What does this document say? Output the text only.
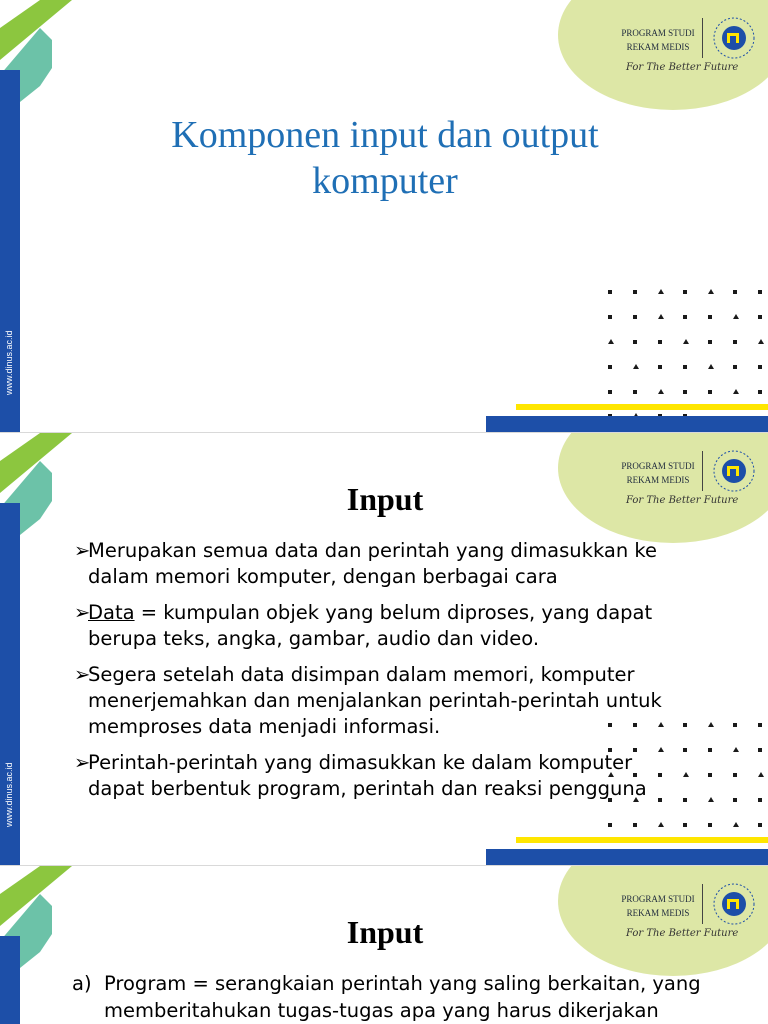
www.dinus.ac.id
PROGRAM STUDI
REKAM MEDIS
For The Better Future
Komponen input dan output
komputer
www.dinus.ac.id
PROGRAM STUDI
REKAM MEDIS
For The Better Future
Input
➢
Merupakan semua data dan perintah yang dimasukkan ke
dalam memori komputer, dengan berbagai cara
➢
Data = kumpulan objek yang belum diproses, yang dapat
berupa teks, angka, gambar, audio dan video.
➢
Segera setelah data disimpan dalam memori, komputer
menerjemahkan dan menjalankan perintah-perintah untuk
memproses data menjadi informasi.
➢
Perintah-perintah yang dimasukkan ke dalam komputer
dapat berbentuk program, perintah dan reaksi pengguna
PROGRAM STUDI
REKAM MEDIS
For The Better Future
Input
a) Program = serangkaian perintah yang saling berkaitan, yang
memberitahukan tugas-tugas apa yang harus dikerjakan
